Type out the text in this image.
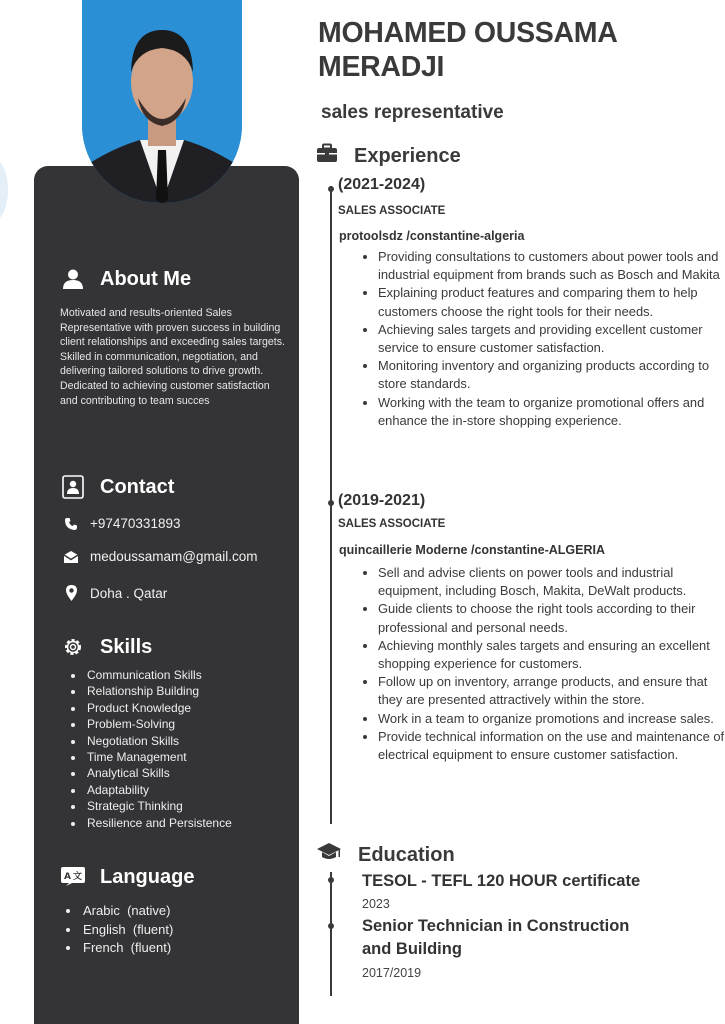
About Me
Motivated and results-oriented Sales Representative with proven success in building client relationships and exceeding sales targets. Skilled in communication, negotiation, and delivering tailored solutions to drive growth. Dedicated to achieving customer satisfaction and contributing to team succes
Contact
+97470331893
medoussamam@gmail.com
Doha . Qatar
Skills
• Communication Skills
• Relationship Building
• Product Knowledge
• Problem-Solving
• Negotiation Skills
• Time Management
• Analytical Skills
• Adaptability
• Strategic Thinking
• Resilience and Persistence
A 文 Language
• Arabic  (native)
• English  (fluent)
• French  (fluent)
MOHAMED OUSSAMA
MERADJI
sales representative
Experience
(2021-2024)
SALES ASSOCIATE
protoolsdz /constantine-algeria
• Providing consultations to customers about power tools and industrial equipment from brands such as Bosch and Makita
• Explaining product features and comparing them to help customers choose the right tools for their needs.
• Achieving sales targets and providing excellent customer service to ensure customer satisfaction.
• Monitoring inventory and organizing products according to store standards.
• Working with the team to organize promotional offers and enhance the in-store shopping experience.
(2019-2021)
SALES ASSOCIATE
quincaillerie Moderne /constantine-ALGERIA
• Sell and advise clients on power tools and industrial equipment, including Bosch, Makita, DeWalt products.
• Guide clients to choose the right tools according to their professional and personal needs.
• Achieving monthly sales targets and ensuring an excellent shopping experience for customers.
• Follow up on inventory, arrange products, and ensure that they are presented attractively within the store.
• Work in a team to organize promotions and increase sales.
• Provide technical information on the use and maintenance of electrical equipment to ensure customer satisfaction.
Education
TESOL - TEFL 120 HOUR certificate
2023
Senior Technician in Construction
and Building
2017/2019
